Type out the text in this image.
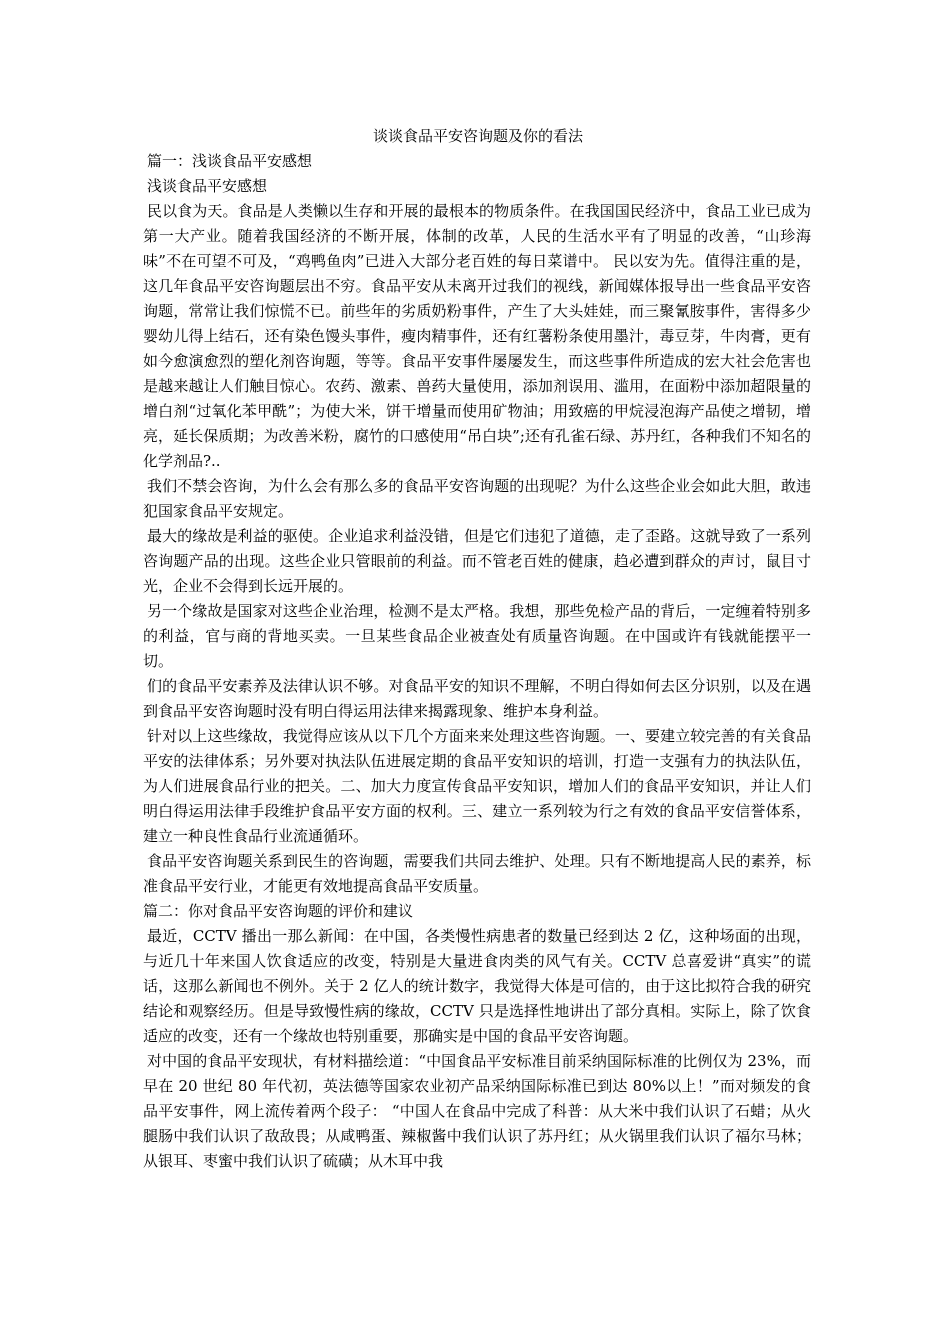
谈谈食品平安咨询题及你的看法

篇一：浅谈食品平安感想

浅谈食品平安感想

民以食为天。食品是人类懒以生存和开展的最根本的物质条件。在我国国民经济中，食品工业已成为第一大产业。随着我国经济的不断开展，体制的改革，人民的生活水平有了明显的改善，“山珍海味”不在可望不可及，“鸡鸭鱼肉”已进入大部分老百姓的每日菜谱中。 民以安为先。值得注重的是，这几年食品平安咨询题层出不穷。食品平安从未离开过我们的视线，新闻媒体报导出一些食品平安咨询题，常常让我们惊慌不已。前些年的劣质奶粉事件，产生了大头娃娃，而三聚氰胺事件，害得多少婴幼儿得上结石，还有染色馒头事件，瘦肉精事件，还有红薯粉条使用墨汁，毒豆芽，牛肉膏，更有如今愈演愈烈的塑化剂咨询题，等等。食品平安事件屡屡发生，而这些事件所造成的宏大社会危害也是越来越让人们触目惊心。农药、激素、兽药大量使用，添加剂误用、滥用，在面粉中添加超限量的增白剂“过氧化苯甲酰”；为使大米，饼干增量而使用矿物油；用致癌的甲烷浸泡海产品使之增韧，增亮，延长保质期；为改善米粉，腐竹的口感使用“吊白块”;还有孔雀石绿、苏丹红，各种我们不知名的化学剂品?..

我们不禁会咨询，为什么会有那么多的食品平安咨询题的出现呢？为什么这些企业会如此大胆，敢违犯国家食品平安规定。

最大的缘故是利益的驱使。企业追求利益没错，但是它们违犯了道德，走了歪路。这就导致了一系列咨询题产品的出现。这些企业只管眼前的利益。而不管老百姓的健康，趋必遭到群众的声讨，鼠目寸光，企业不会得到长远开展的。

另一个缘故是国家对这些企业治理，检测不是太严格。我想，那些免检产品的背后，一定缠着特别多的利益，官与商的背地买卖。一旦某些食品企业被查处有质量咨询题。在中国或许有钱就能摆平一切。

们的食品平安素养及法律认识不够。对食品平安的知识不理解，不明白得如何去区分识别，以及在遇到食品平安咨询题时没有明白得运用法律来揭露现象、维护本身利益。

针对以上这些缘故，我觉得应该从以下几个方面来来处理这些咨询题。一、要建立较完善的有关食品平安的法律体系；另外要对执法队伍进展定期的食品平安知识的培训，打造一支强有力的执法队伍，为人们进展食品行业的把关。二、加大力度宣传食品平安知识，增加人们的食品平安知识，并让人们明白得运用法律手段维护食品平安方面的权利。三、建立一系列较为行之有效的食品平安信誉体系，建立一种良性食品行业流通循环。

食品平安咨询题关系到民生的咨询题，需要我们共同去维护、处理。只有不断地提高人民的素养，标准食品平安行业，才能更有效地提高食品平安质量。

篇二：你对食品平安咨询题的评价和建议

最近，CCTV 播出一那么新闻：在中国，各类慢性病患者的数量已经到达 2 亿，这种场面的出现，与近几十年来国人饮食适应的改变，特别是大量进食肉类的风气有关。CCTV 总喜爱讲“真实”的谎话，这那么新闻也不例外。关于 2 亿人的统计数字，我觉得大体是可信的，由于这比拟符合我的研究结论和观察经历。但是导致慢性病的缘故，CCTV 只是选择性地讲出了部分真相。实际上，除了饮食适应的改变，还有一个缘故也特别重要，那确实是中国的食品平安咨询题。

对中国的食品平安现状，有材料描绘道：“中国食品平安标准目前采纳国际标准的比例仅为 23%，而早在 20 世纪 80 年代初，英法德等国家农业初产品采纳国际标准已到达 80%以上！”而对频发的食品平安事件，网上流传着两个段子： “中国人在食品中完成了科普：从大米中我们认识了石蜡；从火腿肠中我们认识了敌敌畏；从咸鸭蛋、辣椒酱中我们认识了苏丹红；从火锅里我们认识了福尔马林；从银耳、枣蜜中我们认识了硫磺；从木耳中我
